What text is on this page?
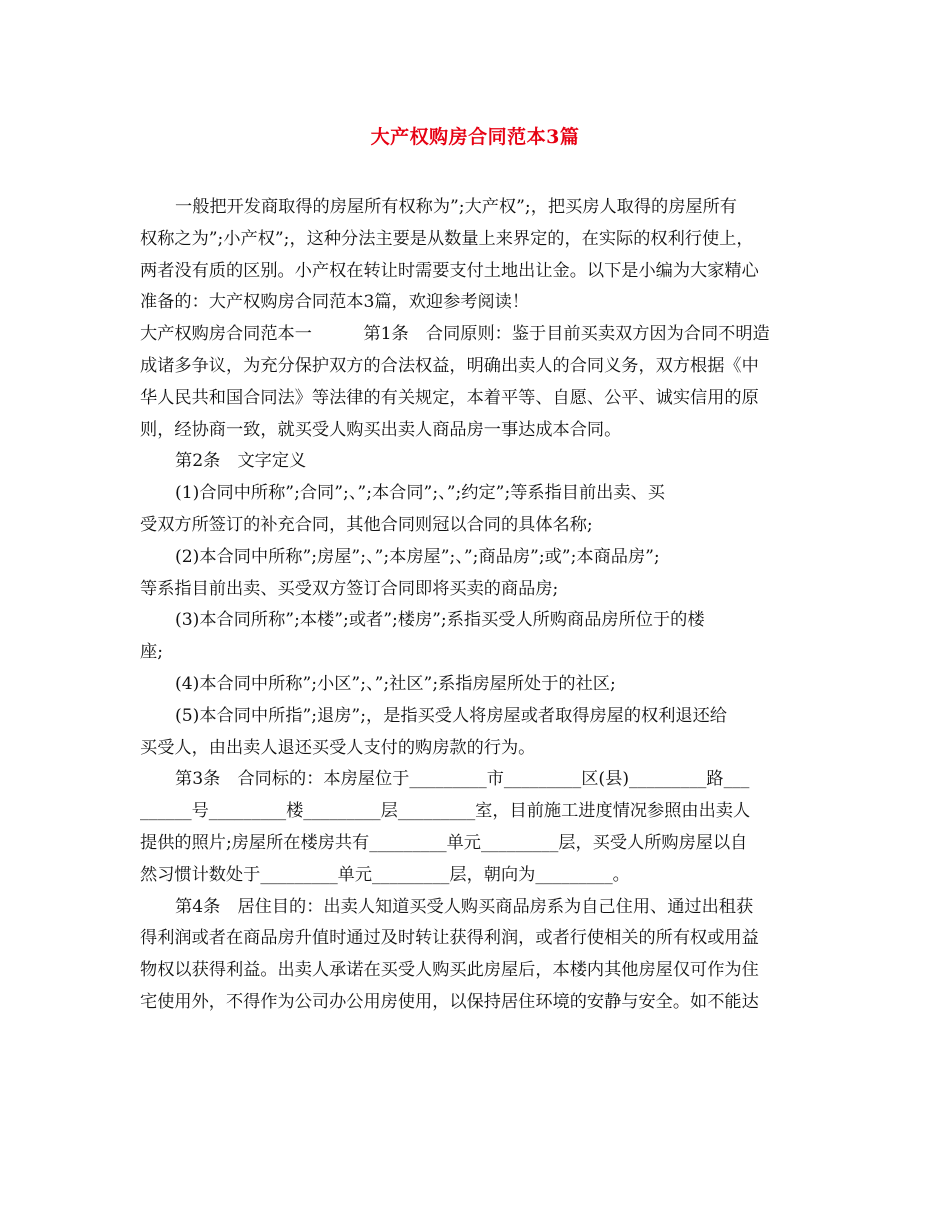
大产权购房合同范本3篇

一般把开发商取得的房屋所有权称为”;大产权”;，把买房人取得的房屋所有

权称之为”;小产权”;，这种分法主要是从数量上来界定的，在实际的权利行使上，

两者没有质的区别。小产权在转让时需要支付土地出让金。以下是小编为大家精心

准备的：大产权购房合同范本3篇，欢迎参考阅读！

大产权购房合同范本一　　　第1条　合同原则：鉴于目前买卖双方因为合同不明造

成诸多争议，为充分保护双方的合法权益，明确出卖人的合同义务，双方根据《中

华人民共和国合同法》等法律的有关规定，本着平等、自愿、公平、诚实信用的原

则，经协商一致，就买受人购买出卖人商品房一事达成本合同。

第2条　文字定义

(1)合同中所称”;合同”;、”;本合同”;、”;约定”;等系指目前出卖、买

受双方所签订的补充合同，其他合同则冠以合同的具体名称;

(2)本合同中所称”;房屋”;、”;本房屋”;、”;商品房”;或”;本商品房”;

等系指目前出卖、买受双方签订合同即将买卖的商品房;

(3)本合同所称”;本楼”;或者”;楼房”;系指买受人所购商品房所位于的楼

座;

(4)本合同中所称”;小区”;、”;社区”;系指房屋所处于的社区;

(5)本合同中所指”;退房”;，是指买受人将房屋或者取得房屋的权利退还给

买受人，由出卖人退还买受人支付的购房款的行为。

第3条　合同标的：本房屋位于_________市_________区(县)_________路___

______号_________楼_________层_________室，目前施工进度情况参照由出卖人

提供的照片;房屋所在楼房共有_________单元_________层，买受人所购房屋以自

然习惯计数处于_________单元_________层，朝向为_________。

第4条　居住目的：出卖人知道买受人购买商品房系为自己住用、通过出租获

得利润或者在商品房升值时通过及时转让获得利润，或者行使相关的所有权或用益

物权以获得利益。出卖人承诺在买受人购买此房屋后，本楼内其他房屋仅可作为住

宅使用外，不得作为公司办公用房使用，以保持居住环境的安静与安全。如不能达
